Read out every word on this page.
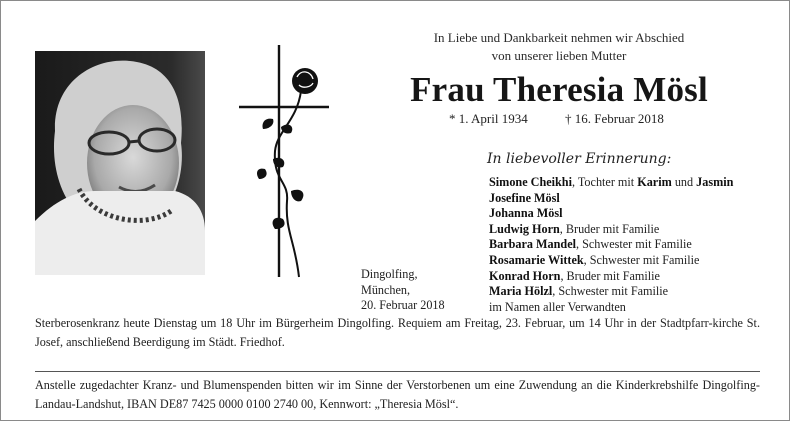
In Liebe und Dankbarkeit nehmen wir Abschied
von unserer lieben Mutter
Frau Theresia Mösl
* 1. April 1934	† 16. Februar 2018
In liebevoller Erinnerung:
Simone Cheikhi, Tochter mit Karim und Jasmin
Josefine Mösl
Johanna Mösl
Ludwig Horn, Bruder mit Familie
Barbara Mandel, Schwester mit Familie
Rosamarie Wittek, Schwester mit Familie
Konrad Horn, Bruder mit Familie
Maria Hölzl, Schwester mit Familie
im Namen aller Verwandten
Dingolfing,
München,
20. Februar 2018
Sterberosenkranz heute Dienstag um 18 Uhr im Bürgerheim Dingolfing. Requiem am Freitag, 23. Februar, um 14 Uhr in der Stadtpfarr-kirche St. Josef, anschließend Beerdigung im Städt. Friedhof.
Anstelle zugedachter Kranz- und Blumenspenden bitten wir im Sinne der Verstorbenen um eine Zuwendung an die Kinderkrebshilfe Dingolfing-Landau-Landshut, IBAN DE87 7425 0000 0100 2740 00, Kennwort: „Theresia Mösl“.
